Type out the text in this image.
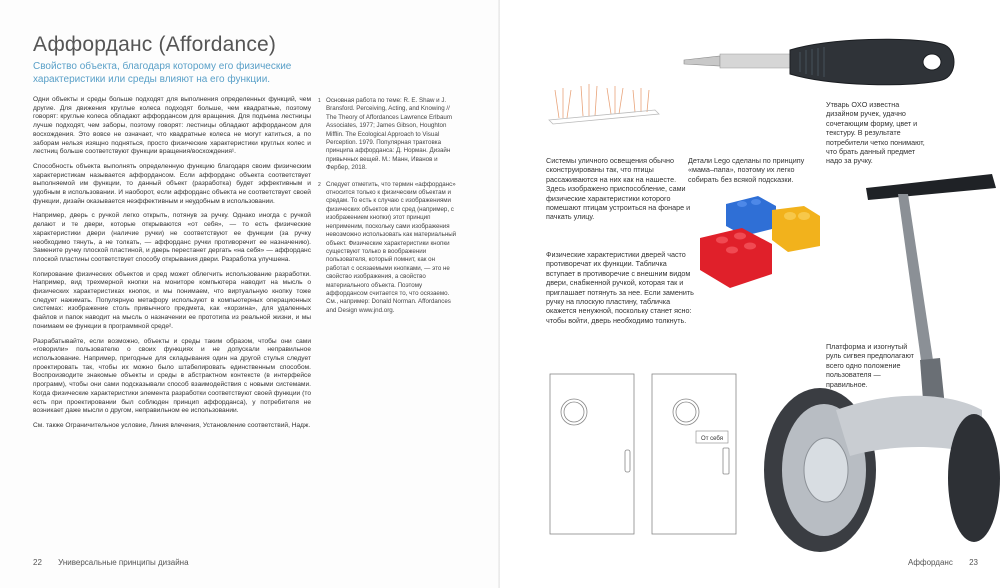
Аффорданс (Affordance)
Свойство объекта, благодаря которому его физические характеристики или среды влияют на его функции.

Одни объекты и среды больше подходят для выполнения определенных функций, чем другие. Для движения круглые колеса подходят больше, чем квадратные, поэтому говорят: круглые колеса обладают аффордансом для вращения. Для подъема лестницы лучше подходят, чем заборы, поэтому говорят: лестницы обладают аффордансом для восхождения. Это вовсе не означает, что квадратные колеса не могут катиться, а по заборам нельзя изящно подняться, просто физические характеристики круглых колес и лестниц больше соответствуют функции вращения/восхождения¹.

Способность объекта выполнять определенную функцию благодаря своим физическим характеристикам называется аффордансом. Если аффорданс объекта соответствует выполняемой им функции, то данный объект (разработка) будет эффективным и удобным в использовании. И наоборот, если аффорданс объекта не соответствует своей функции, дизайн оказывается неэффективным и неудобным в использовании.

Например, дверь с ручкой легко открыть, потянув за ручку. Однако иногда с ручкой делают и те двери, которые открываются «от себя», — то есть физические характеристики двери (наличие ручки) не соответствуют ее функции (за ручку необходимо тянуть, а не толкать, — аффорданс ручки противоречит ее назначению). Замените ручку плоской пластиной, и дверь перестанет дергать «на себя» — аффорданс плоской пластины соответствует способу открывания двери. Разработка улучшена.

Копирование физических объектов и сред может облегчить использование разработки. Например, вид трехмерной кнопки на мониторе компьютера наводит на мысль о физических характеристиках кнопок, и мы понимаем, что виртуальную кнопку тоже следует нажимать. Популярную метафору используют в компьютерных операционных системах: изображение столь привычного предмета, как «корзина», для удаленных файлов и папок наводит на мысль о назначении ее прототипа из реальной жизни, и мы понимаем ее функции в программной среде².

Разрабатывайте, если возможно, объекты и среды таким образом, чтобы они сами «говорили» пользователю о своих функциях и не допускали неправильное использование. Например, пригодные для складывания один на другой стулья следует проектировать так, чтобы их можно было штабелировать единственным способом. Воспроизводите знакомые объекты и среды в абстрактном контексте (в интерфейсе программ), чтобы они сами подсказывали способ взаимодействия с новыми системами. Когда физические характеристики элемента разработки соответствуют своей функции (то есть при проектировании был соблюден принцип аффорданса), у потребителя не возникает даже мысли о другом, неправильном ее использовании.

См. также Ограничительное условие, Линия влечения, Установление соответствий, Надж.

1 Основная работа по теме: R. E. Shaw и J. Bransford. Perceiving, Acting, and Knowing // The Theory of Affordances Lawrence Erlbaum Associates, 1977; James Gibson, Houghton Mifflin. The Ecological Approach to Visual Perception. 1979. Популярная трактовка принципа аффорданса: Д. Норман. Дизайн привычных вещей. М.: Манн, Иванов и Фербер, 2018.
2 Следует отметить, что термин «аффорданс» относится только к физическим объектам и средам. То есть к случаю с изображениями физических объектов или сред (например, с изображением кнопки) этот принцип неприменим, поскольку сами изображения невозможно использовать как материальный объект. Физические характеристики кнопки существуют только в воображении пользователя, который помнит, как он работал с осязаемыми кнопками, — это не свойство изображения, а свойство материального объекта. Поэтому аффордансом считается то, что осязаемо. См., например: Donald Norman. Affordances and Design www.jnd.org.
22 Универсальные принципы дизайна
Системы уличного освещения обычно сконструированы так, что птицы рассаживаются на них как на нашесте. Здесь изображено приспособление, сами физические характеристики которого помешают птицам устроиться на фонаре и пачкать улицу.
Детали Lego сделаны по принципу «мама–папа», поэтому их легко собирать без всякой подсказки.
Утварь OXO известна дизайном ручек, удачно сочетающим форму, цвет и текстуру. В результате потребители четко понимают, что брать данный предмет надо за ручку.
Физические характеристики дверей часто противоречат их функции. Табличка вступает в противоречие с внешним видом двери, снабженной ручкой, которая так и приглашает потянуть за нее. Если заменить ручку на плоскую пластину, табличка окажется ненужной, поскольку станет ясно: чтобы войти, дверь необходимо толкнуть.
От себя
Платформа и изогнутый руль сигвея предполагают всего одно положение пользователя — правильное.
Аффорданс 23
